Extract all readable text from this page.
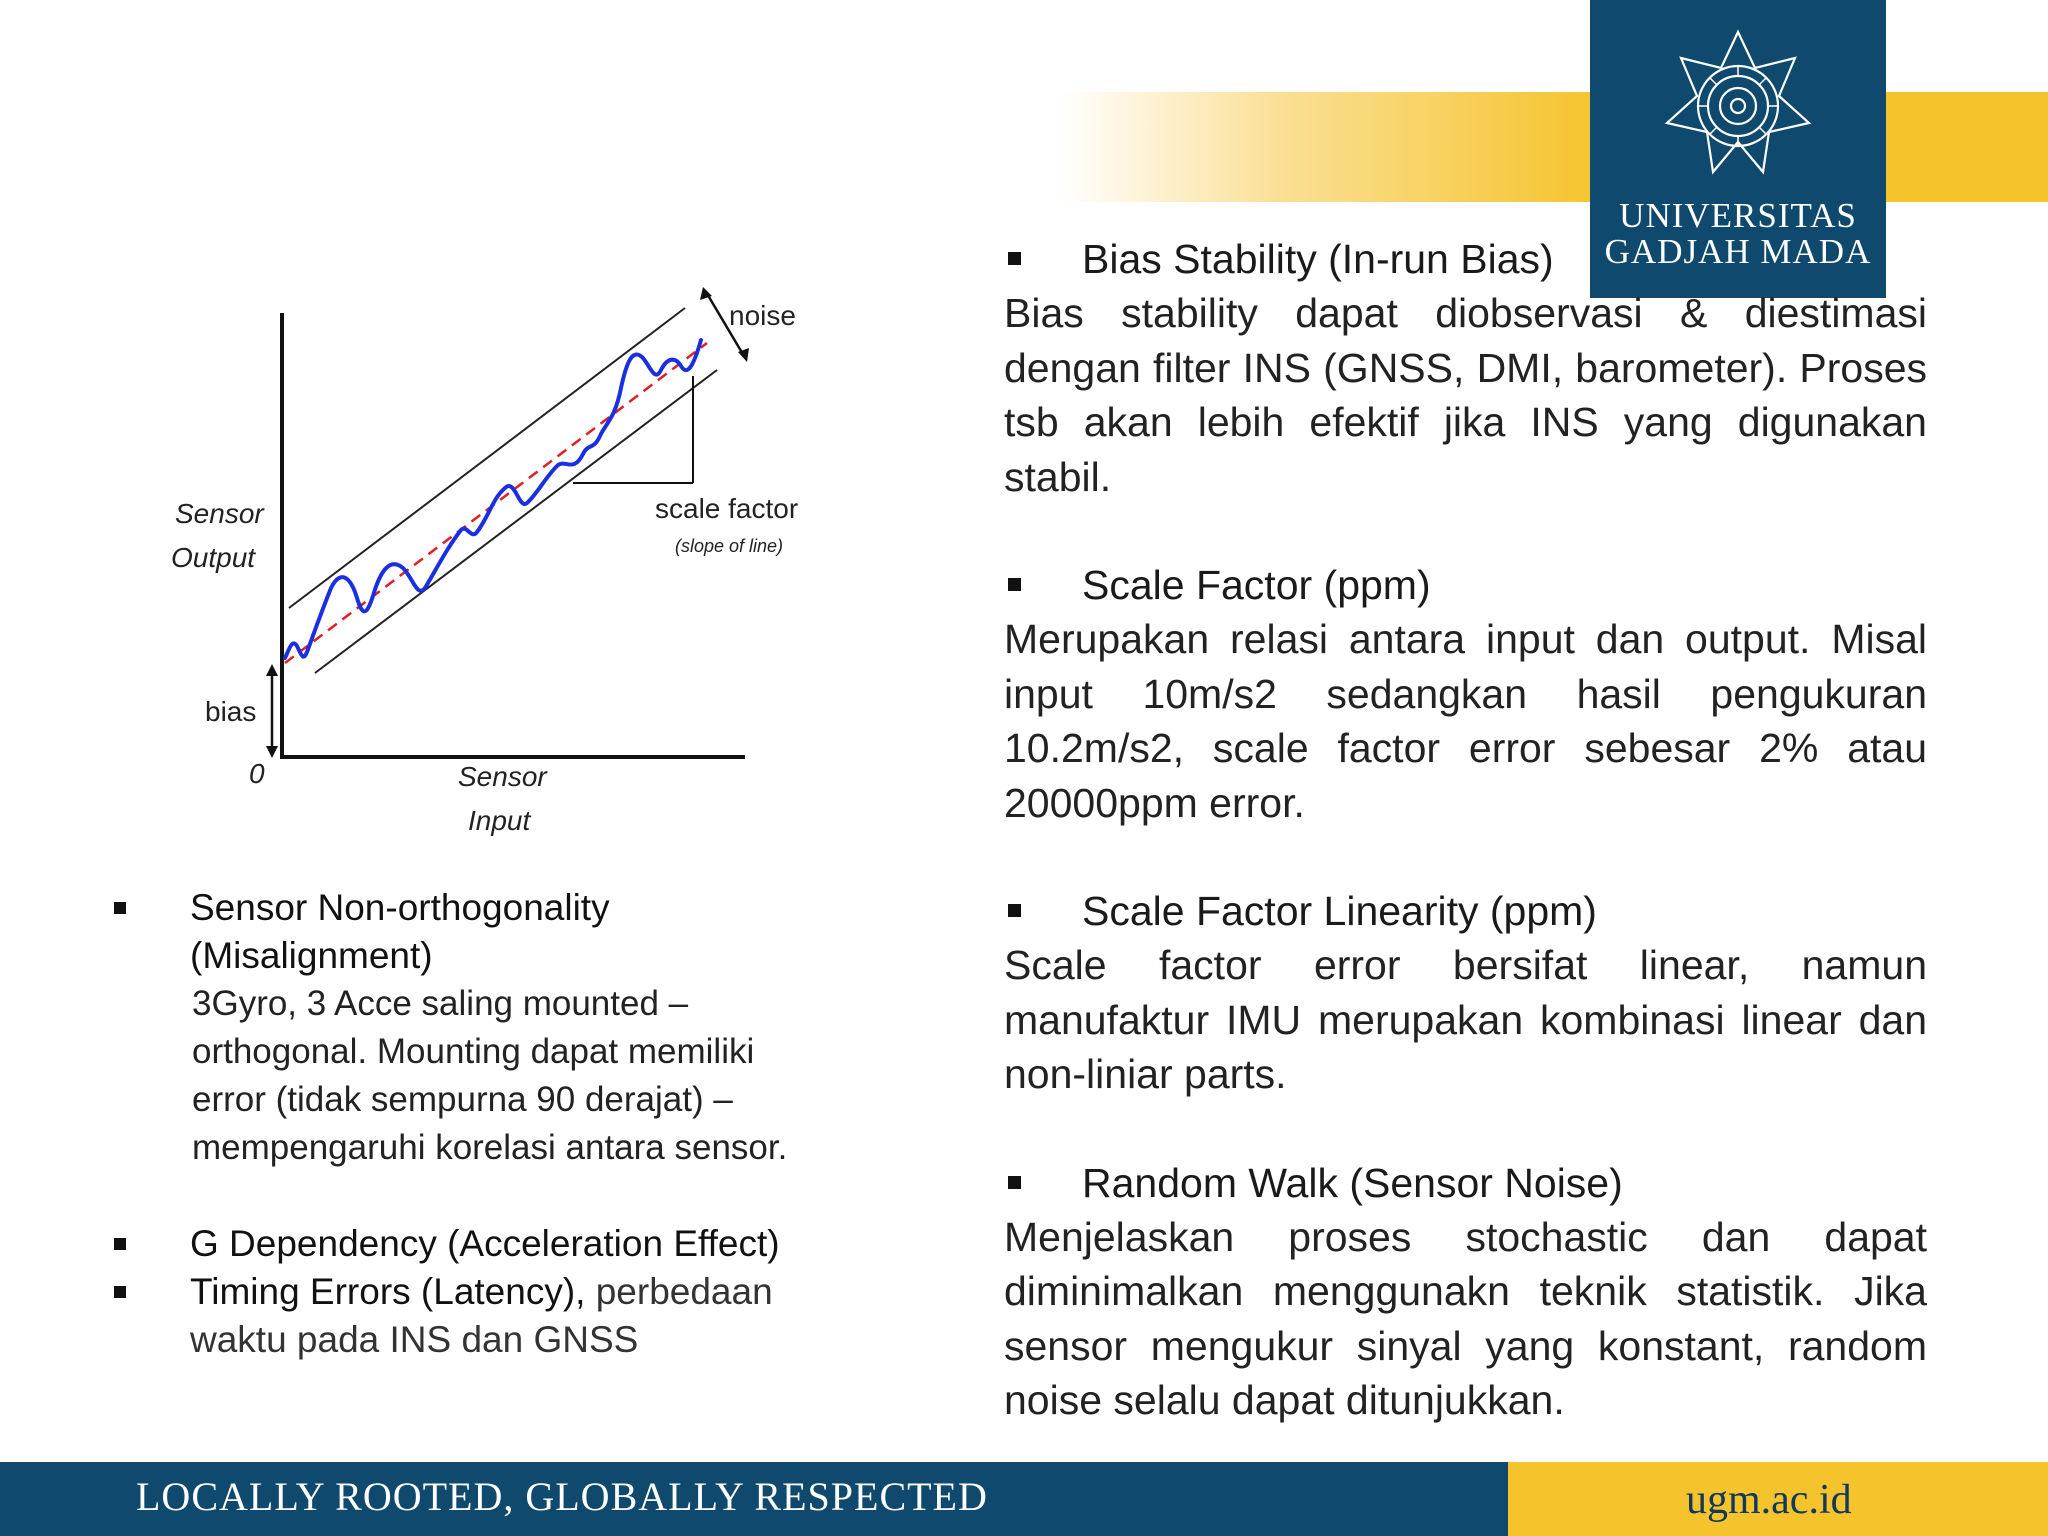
UNIVERSITAS
GADJAH MADA
Bias Stability (In-run Bias)
Bias stability dapat diobservasi & diestimasi dengan filter INS (GNSS, DMI, barometer). Proses tsb akan lebih efektif jika INS yang digunakan stabil.
Scale Factor (ppm)
Merupakan relasi antara input dan output. Misal input 10m/s2 sedangkan hasil pengukuran 10.2m/s2, scale factor error sebesar 2% atau 20000ppm error.
Scale Factor Linearity (ppm)
Scale factor error bersifat linear, namun manufaktur IMU merupakan kombinasi linear dan non-liniar parts.
Random Walk (Sensor Noise)
Menjelaskan proses stochastic dan dapat diminimalkan menggunakn teknik statistik. Jika sensor mengukur sinyal yang konstant, random noise selalu dapat ditunjukkan.
noise
scale factor
(slope of line)
Sensor
Output
bias
0	Sensor
Input
Sensor Non-orthogonality
(Misalignment)
3Gyro, 3 Acce saling mounted –
orthogonal. Mounting dapat memiliki
error (tidak sempurna 90 derajat) –
mempengaruhi korelasi antara sensor.
G Dependency (Acceleration Effect)
Timing Errors (Latency), perbedaan
waktu pada INS dan GNSS
LOCALLY ROOTED, GLOBALLY RESPECTED	ugm.ac.id
